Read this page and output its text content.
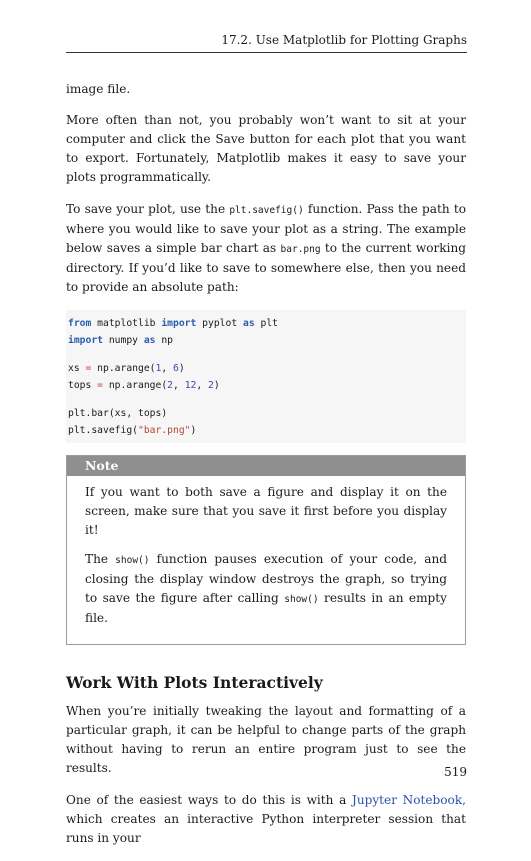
17.2. Use Matplotlib for Plotting Graphs

image file.

More often than not, you probably won’t want to sit at your computer and click the Save button for each plot that you want to export. Fortunately, Matplotlib makes it easy to save your plots programmatically.

To save your plot, use the plt.savefig() function. Pass the path to where you would like to save your plot as a string. The example below saves a simple bar chart as bar.png to the current working directory. If you’d like to save to somewhere else, then you need to provide an absolute path:

from matplotlib import pyplot as plt
import numpy as np
xs = np.arange(1, 6)
tops = np.arange(2, 12, 2)
plt.bar(xs, tops)
plt.savefig("bar.png")
Note

If you want to both save a figure and display it on the screen, make sure that you save it first before you display it!

The show() function pauses execution of your code, and closing the display window destroys the graph, so trying to save the figure after calling show() results in an empty file.

Work With Plots Interactively

When you’re initially tweaking the layout and formatting of a particular graph, it can be helpful to change parts of the graph without having to rerun an entire program just to see the results.

One of the easiest ways to do this is with a Jupyter Notebook, which creates an interactive Python interpreter session that runs in your

519
